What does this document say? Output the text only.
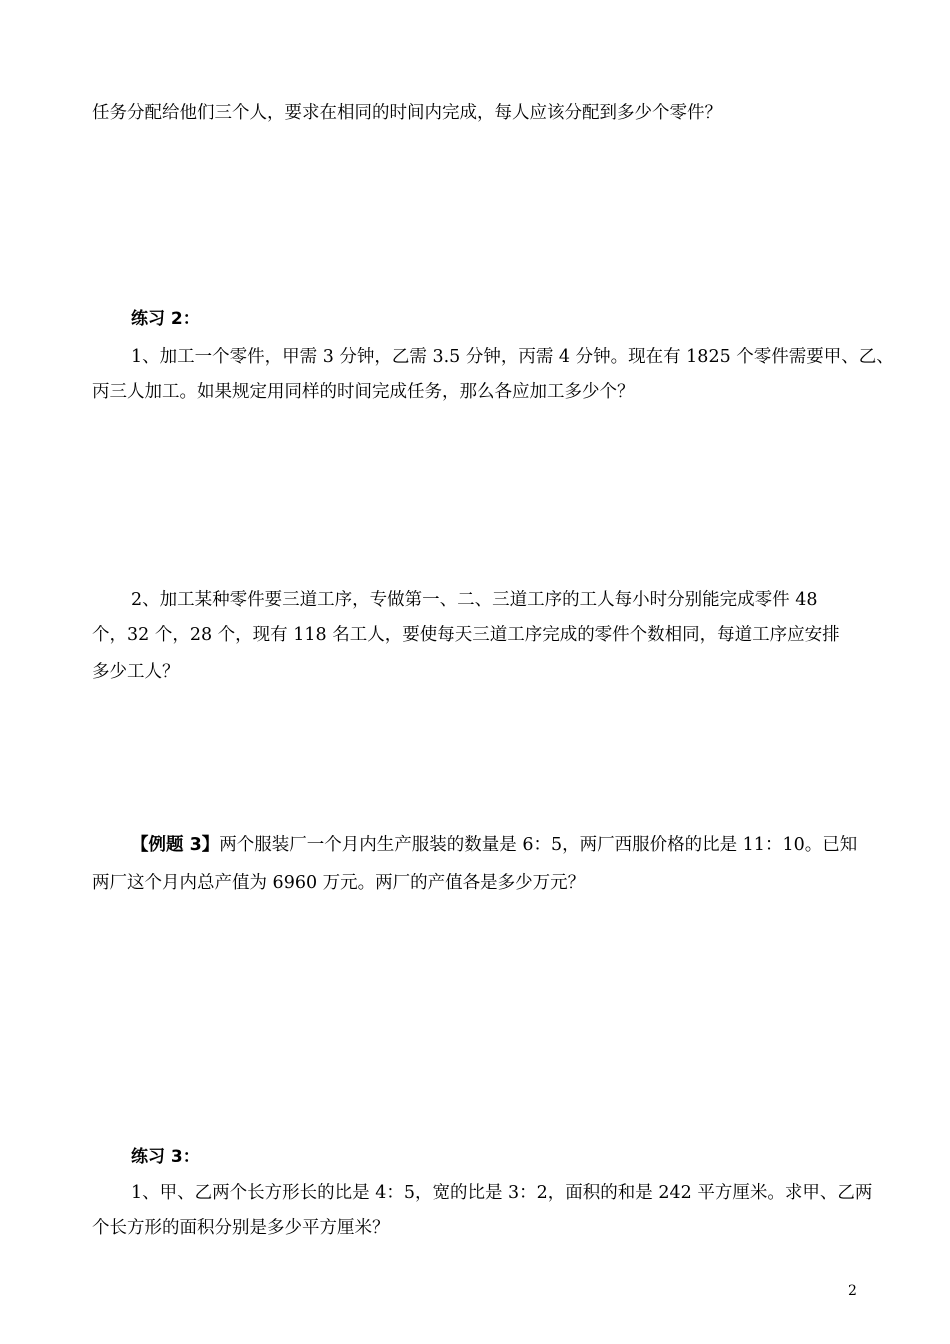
任务分配给他们三个人，要求在相同的时间内完成，每人应该分配到多少个零件？
练习 2：
1、加工一个零件，甲需 3 分钟，乙需 3.5 分钟，丙需 4 分钟。现在有 1825 个零件需要甲、乙、
丙三人加工。如果规定用同样的时间完成任务，那么各应加工多少个？
2、加工某种零件要三道工序，专做第一、二、三道工序的工人每小时分别能完成零件 48
个，32 个，28 个，现有 118 名工人，要使每天三道工序完成的零件个数相同，每道工序应安排
多少工人？
【例题 3】两个服装厂一个月内生产服装的数量是 6：5，两厂西服价格的比是 11：10。已知
两厂这个月内总产值为 6960 万元。两厂的产值各是多少万元？
练习 3：
1、甲、乙两个长方形长的比是 4：5，宽的比是 3：2，面积的和是 242 平方厘米。求甲、乙两
个长方形的面积分别是多少平方厘米？
2
